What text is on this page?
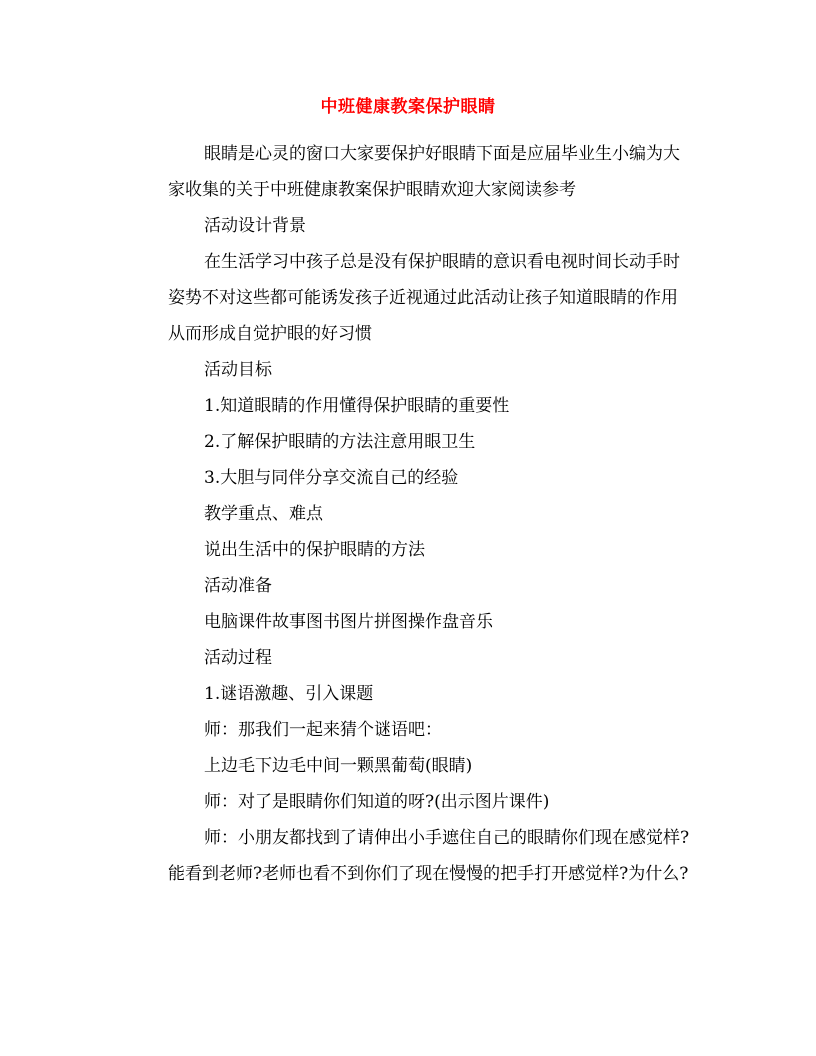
中班健康教案保护眼睛

眼睛是心灵的窗口大家要保护好眼睛下面是应届毕业生小编为大家收集的关于中班健康教案保护眼睛欢迎大家阅读参考

活动设计背景

在生活学习中孩子总是没有保护眼睛的意识看电视时间长动手时姿势不对这些都可能诱发孩子近视通过此活动让孩子知道眼睛的作用从而形成自觉护眼的好习惯

活动目标

1.知道眼睛的作用懂得保护眼睛的重要性

2.了解保护眼睛的方法注意用眼卫生

3.大胆与同伴分享交流自己的经验

教学重点、难点

说出生活中的保护眼睛的方法

活动准备

电脑课件故事图书图片拼图操作盘音乐

活动过程

1.谜语激趣、引入课题

师：那我们一起来猜个谜语吧：

上边毛下边毛中间一颗黑葡萄(眼睛)

师：对了是眼睛你们知道的呀?(出示图片课件)

师：小朋友都找到了请伸出小手遮住自己的眼睛你们现在感觉样?能看到老师?老师也看不到你们了现在慢慢的把手打开感觉样?为什么?
